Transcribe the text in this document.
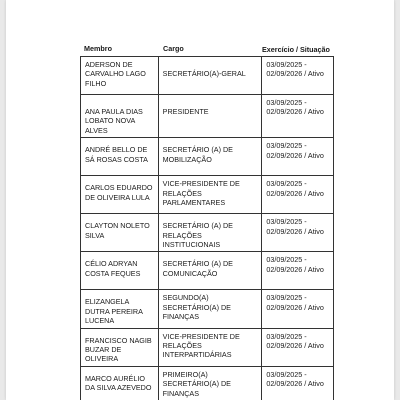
Membro	Cargo	Exercício / Situação
ADERSON DE CARVALHO LAGO FILHO	SECRETÁRIO(A)-GERAL	03/09/2025 - 02/09/2026 / Ativo
ANA PAULA DIAS LOBATO NOVA ALVES	PRESIDENTE	03/09/2025 - 02/09/2026 / Ativo
ANDRÉ BELLO DE SÁ ROSAS COSTA	SECRETÁRIO (A) DE MOBILIZAÇÃO	03/09/2025 - 02/09/2026 / Ativo
CARLOS EDUARDO DE OLIVEIRA LULA	VICE-PRESIDENTE DE RELAÇÕES PARLAMENTARES	03/09/2025 - 02/09/2026 / Ativo
CLAYTON NOLETO SILVA	SECRETÁRIO (A) DE RELAÇÕES INSTITUCIONAIS	03/09/2025 - 02/09/2026 / Ativo
CÉLIO ADRYAN COSTA FEQUES	SECRETÁRIO (A) DE COMUNICAÇÃO	03/09/2025 - 02/09/2026 / Ativo
ELIZANGELA DUTRA PEREIRA LUCENA	SEGUNDO(A) SECRETÁRIO(A) DE FINANÇAS	03/09/2025 - 02/09/2026 / Ativo
FRANCISCO NAGIB BUZAR DE OLIVEIRA	VICE-PRESIDENTE DE RELAÇÕES INTERPARTIDÁRIAS	03/09/2025 - 02/09/2026 / Ativo
MARCO AURÉLIO DA SILVA AZEVEDO	PRIMEIRO(A) SECRETÁRIO(A) DE FINANÇAS	03/09/2025 - 02/09/2026 / Ativo
